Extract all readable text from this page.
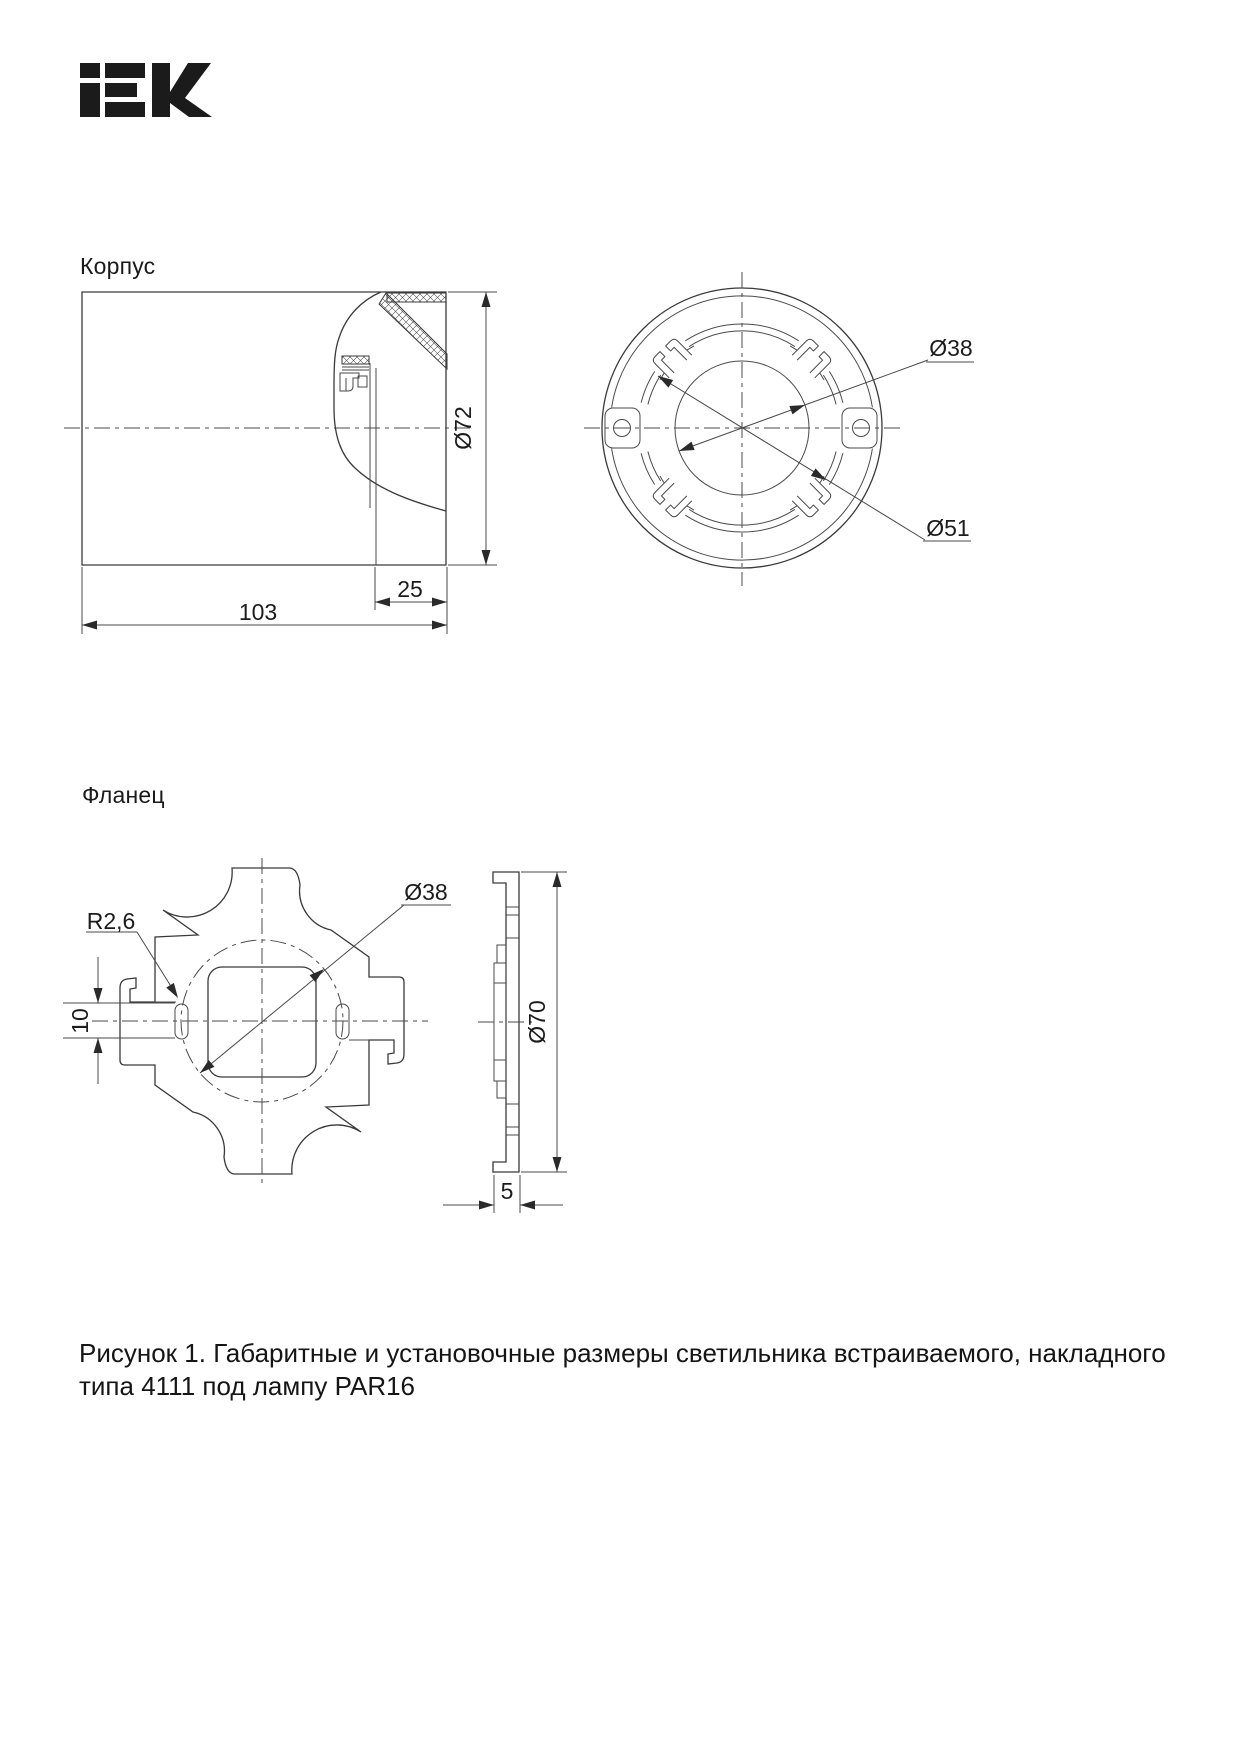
Корпус
Фланец
Ø72
25
103
Ø38
Ø51
Ø38
R2,6
10	Ø70
5
Рисунок 1. Габаритные и установочные размеры светильника встраиваемого, накладного
типа 4111 под лампу PAR16
